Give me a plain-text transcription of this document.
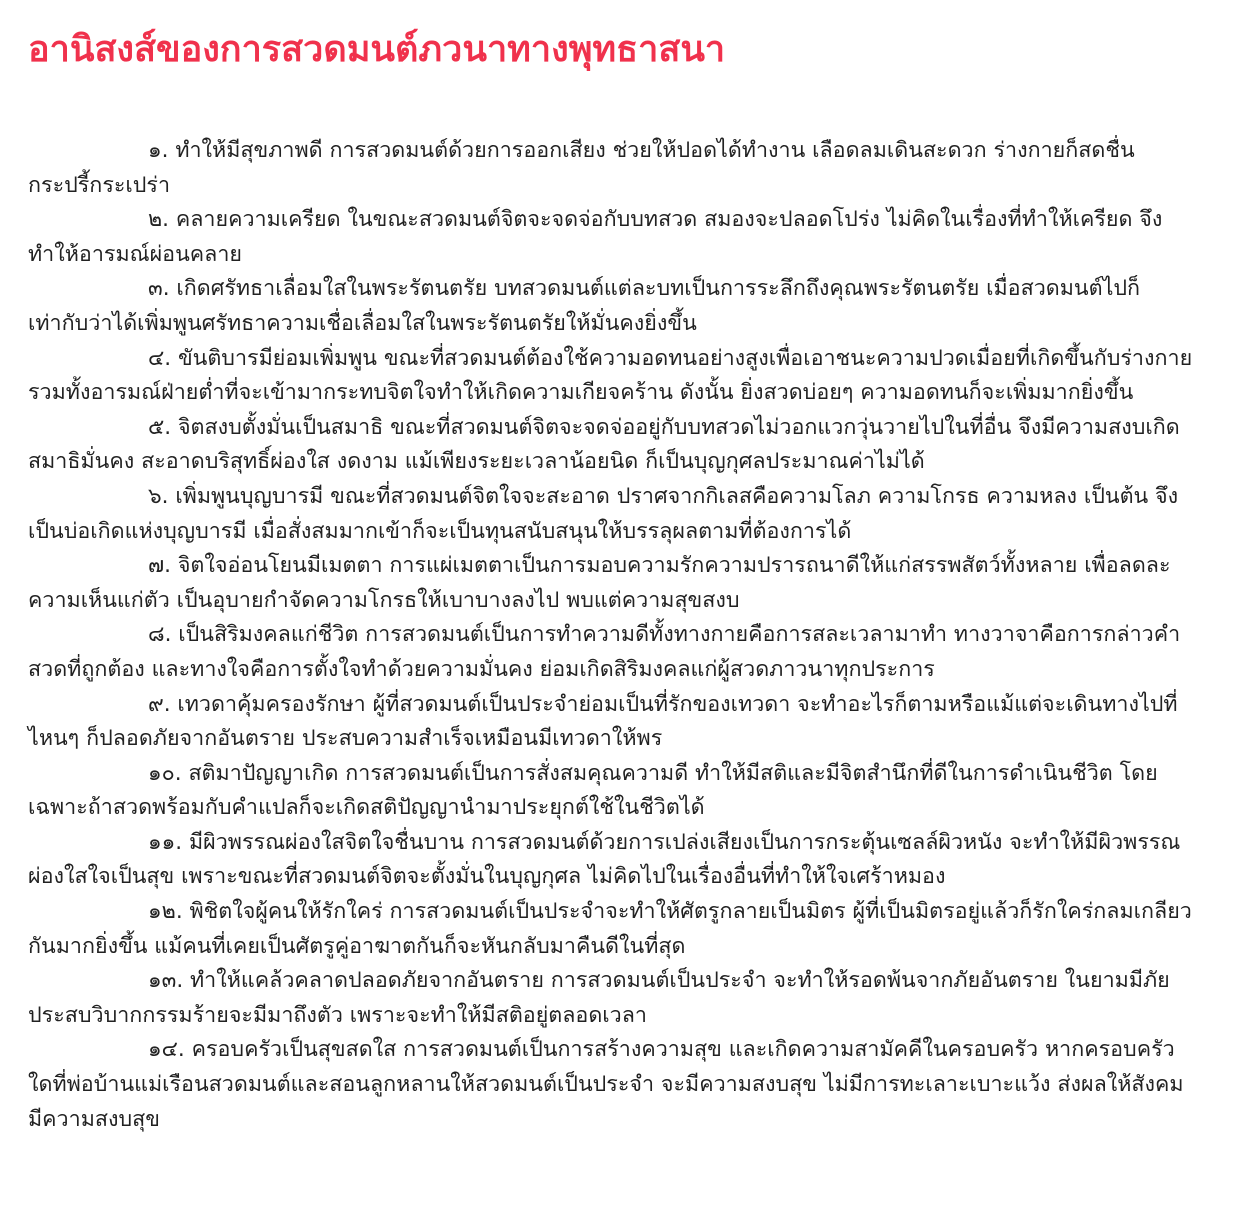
อานิสงส์ของการสวดมนต์ภวนาทางพุทธาสนา

๑. ทำให้มีสุขภาพดี การสวดมนต์ด้วยการออกเสียง ช่วยให้ปอดได้ทำงาน เลือดลมเดินสะดวก ร่างกายก็สดชื่นกระปรี้กระเปร่า

๒. คลายความเครียด ในขณะสวดมนต์จิตจะจดจ่อกับบทสวด สมองจะปลอดโปร่ง ไม่คิดในเรื่องที่ทำให้เครียด จึงทำให้อารมณ์ผ่อนคลาย

๓. เกิดศรัทธาเลื่อมใสในพระรัตนตรัย บทสวดมนต์แต่ละบทเป็นการระลึกถึงคุณพระรัตนตรัย เมื่อสวดมนต์ไปก็เท่ากับว่าได้เพิ่มพูนศรัทธาความเชื่อเลื่อมใสในพระรัตนตรัยให้มั่นคงยิ่งขึ้น

๔. ขันติบารมีย่อมเพิ่มพูน ขณะที่สวดมนต์ต้องใช้ความอดทนอย่างสูงเพื่อเอาชนะความปวดเมื่อยที่เกิดขึ้นกับร่างกาย รวมทั้งอารมณ์ฝ่ายต่ำที่จะเข้ามากระทบจิตใจทำให้เกิดความเกียจคร้าน ดังนั้น ยิ่งสวดบ่อยๆ ความอดทนก็จะเพิ่มมากยิ่งขึ้น

๕. จิตสงบตั้งมั่นเป็นสมาธิ ขณะที่สวดมนต์จิตจะจดจ่ออยู่กับบทสวดไม่วอกแวกวุ่นวายไปในที่อื่น จึงมีความสงบเกิดสมาธิมั่นคง สะอาดบริสุทธิ์ผ่องใส งดงาม แม้เพียงระยะเวลาน้อยนิด ก็เป็นบุญกุศลประมาณค่าไม่ได้

๖. เพิ่มพูนบุญบารมี ขณะที่สวดมนต์จิตใจจะสะอาด ปราศจากกิเลสคือความโลภ ความโกรธ ความหลง เป็นต้น จึงเป็นบ่อเกิดแห่งบุญบารมี เมื่อสั่งสมมากเข้าก็จะเป็นทุนสนับสนุนให้บรรลุผลตามที่ต้องการได้

๗. จิตใจอ่อนโยนมีเมตตา การแผ่เมตตาเป็นการมอบความรักความปรารถนาดีให้แก่สรรพสัตว์ทั้งหลาย เพื่อลดละความเห็นแก่ตัว เป็นอุบายกำจัดความโกรธให้เบาบางลงไป พบแต่ความสุขสงบ

๘. เป็นสิริมงคลแก่ชีวิต การสวดมนต์เป็นการทำความดีทั้งทางกายคือการสละเวลามาทำ ทางวาจาคือการกล่าวคำสวดที่ถูกต้อง และทางใจคือการตั้งใจทำด้วยความมั่นคง ย่อมเกิดสิริมงคลแก่ผู้สวดภาวนาทุกประการ

๙. เทวดาคุ้มครองรักษา ผู้ที่สวดมนต์เป็นประจำย่อมเป็นที่รักของเทวดา จะทำอะไรก็ตามหรือแม้แต่จะเดินทางไปที่ไหนๆ ก็ปลอดภัยจากอันตราย ประสบความสำเร็จเหมือนมีเทวดาให้พร

๑๐. สติมาปัญญาเกิด การสวดมนต์เป็นการสั่งสมคุณความดี ทำให้มีสติและมีจิตสำนึกที่ดีในการดำเนินชีวิต โดยเฉพาะถ้าสวดพร้อมกับคำแปลก็จะเกิดสติปัญญานำมาประยุกต์ใช้ในชีวิตได้

๑๑. มีผิวพรรณผ่องใสจิตใจชื่นบาน การสวดมนต์ด้วยการเปล่งเสียงเป็นการกระตุ้นเซลล์ผิวหนัง จะทำให้มีผิวพรรณผ่องใสใจเป็นสุข เพราะขณะที่สวดมนต์จิตจะตั้งมั่นในบุญกุศล ไม่คิดไปในเรื่องอื่นที่ทำให้ใจเศร้าหมอง

๑๒. พิชิตใจผู้คนให้รักใคร่ การสวดมนต์เป็นประจำจะทำให้ศัตรูกลายเป็นมิตร ผู้ที่เป็นมิตรอยู่แล้วก็รักใคร่กลมเกลียวกันมากยิ่งขึ้น แม้คนที่เคยเป็นศัตรูคู่อาฆาตกันก็จะหันกลับมาคืนดีในที่สุด

๑๓. ทำให้แคล้วคลาดปลอดภัยจากอันตราย การสวดมนต์เป็นประจำ จะทำให้รอดพ้นจากภัยอันตราย ในยามมีภัย ประสบวิบากกรรมร้ายจะมีมาถึงตัว เพราะจะทำให้มีสติอยู่ตลอดเวลา

๑๔. ครอบครัวเป็นสุขสดใส การสวดมนต์เป็นการสร้างความสุข และเกิดความสามัคคีในครอบครัว หากครอบครัวใดที่พ่อบ้านแม่เรือนสวดมนต์และสอนลูกหลานให้สวดมนต์เป็นประจำ จะมีความสงบสุข ไม่มีการทะเลาะเบาะแว้ง ส่งผลให้สังคมมีความสงบสุข
